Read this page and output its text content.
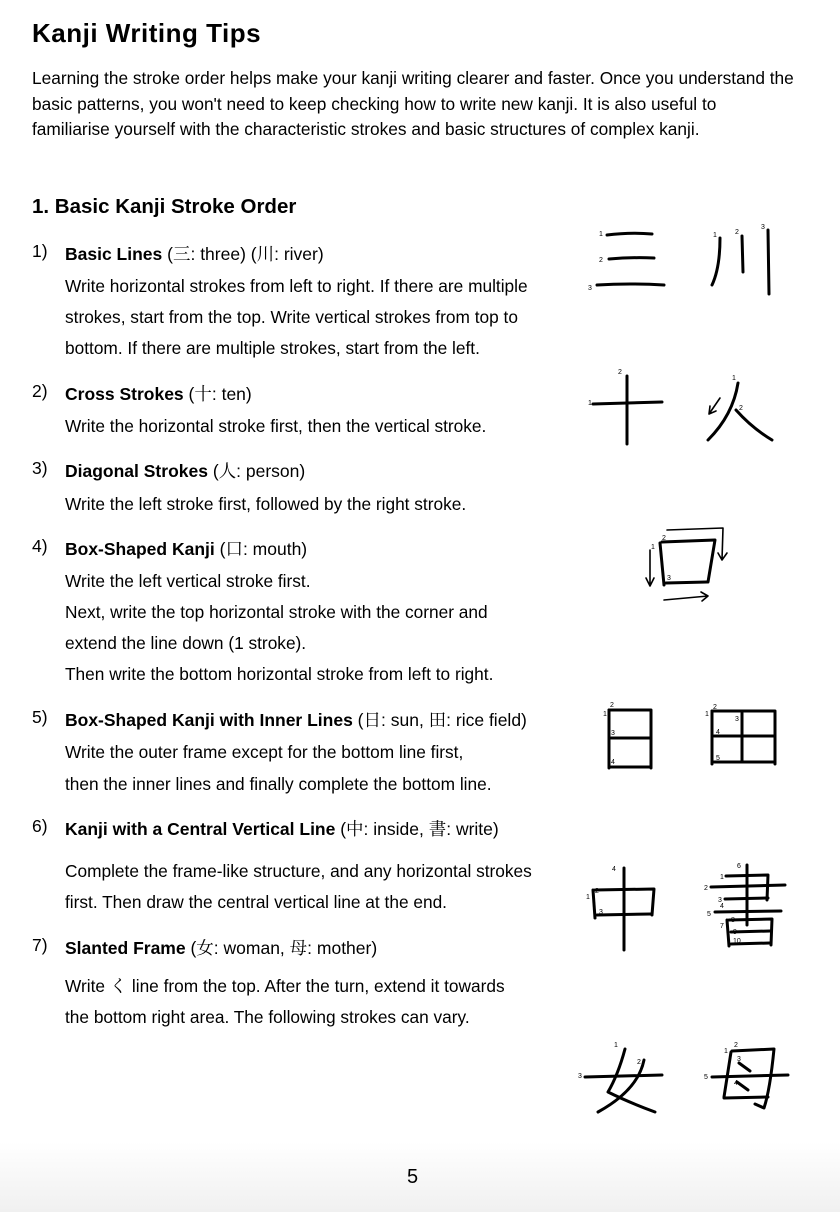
Kanji Writing Tips
Learning the stroke order helps make your kanji writing clearer and faster. Once you understand the basic patterns, you won't need to keep checking how to write new kanji. It is also useful to familiarise yourself with the characteristic strokes and basic structures of complex kanji.
1. Basic Kanji Stroke Order
1) Basic Lines (三: three) (川: river)
Write horizontal strokes from left to right. If there are multiple
strokes, start from the top. Write vertical strokes from top to
bottom. If there are multiple strokes, start from the left.
2) Cross Strokes (十: ten)
Write the horizontal stroke first, then the vertical stroke.
3) Diagonal Strokes (人: person)
Write the left stroke first, followed by the right stroke.
4) Box-Shaped Kanji (口: mouth)
Write the left vertical stroke first.
Next, write the top horizontal stroke with the corner and
extend the line down (1 stroke).
Then write the bottom horizontal stroke from left to right.
5) Box-Shaped Kanji with Inner Lines (日: sun, 田: rice field)
Write the outer frame except for the bottom line first,
then the inner lines and finally complete the bottom line.
6) Kanji with a Central Vertical Line (中: inside, 書: write)
Complete the frame-like structure, and any horizontal strokes
first. Then draw the central vertical line at the end.
7) Slanted Frame (女: woman, 母: mother)
Write く line from the top. After the turn, extend it towards
the bottom right area. The following strokes can vary.
1
2
3
1	2
3
1
2
1
2
1
2
3
1
2
3
4
1
2
3
4
5
1
2
3
4
1
2
3
4
5
6
7
8
9
10
1
2
3
1
2
3
4
5
5
